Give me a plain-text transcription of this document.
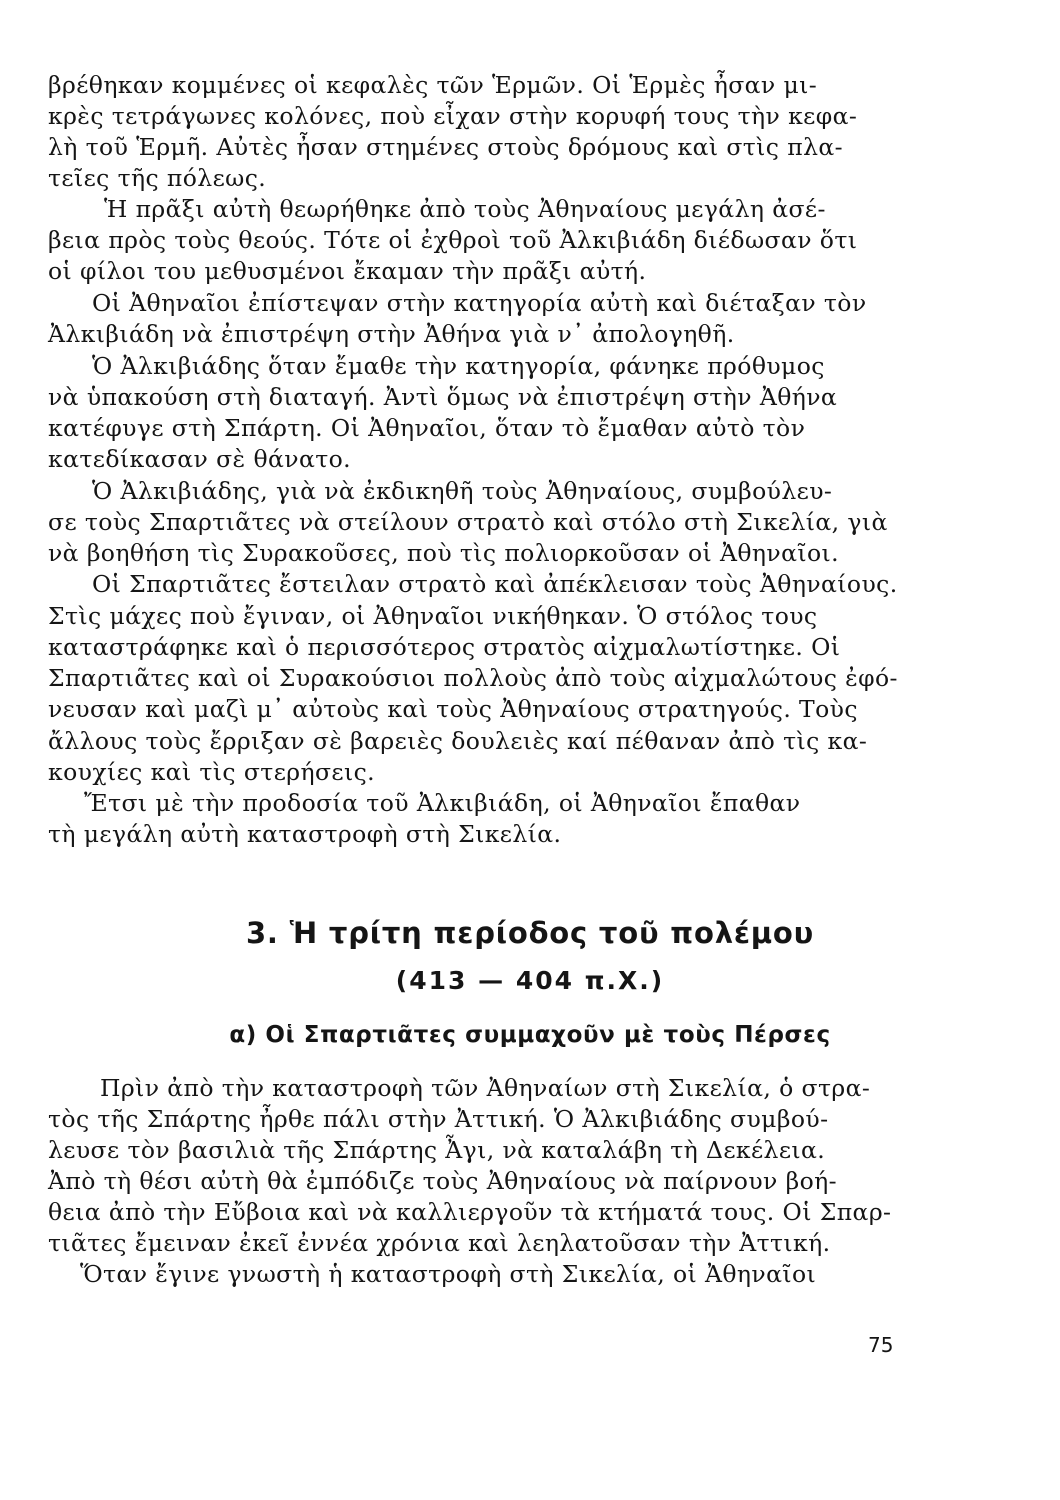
βρέθηκαν κομμένες οἱ κεφαλὲς τῶν Ἑρμῶν. Οἱ Ἑρμὲς ἦσαν μι-
κρὲς τετράγωνες κολόνες, ποὺ εἶχαν στὴν κορυφή τους τὴν κεφα-
λὴ τοῦ Ἑρμῆ. Αὐτὲς ἦσαν στημένες στοὺς δρόμους καὶ στὶς πλα-
τεῖες τῆς πόλεως.
Ἡ πρᾶξι αὐτὴ θεωρήθηκε ἀπὸ τοὺς Ἀθηναίους μεγάλη ἀσέ-
βεια πρὸς τοὺς θεούς. Τότε οἱ ἐχθροὶ τοῦ Ἀλκιβιάδη διέδωσαν ὅτι
οἱ φίλοι του μεθυσμένοι ἔκαμαν τὴν πρᾶξι αὐτή.
Οἱ Ἀθηναῖοι ἐπίστεψαν στὴν κατηγορία αὐτὴ καὶ διέταξαν τὸν
Ἀλκιβιάδη νὰ ἐπιστρέψη στὴν Ἀθήνα γιὰ ν᾿ ἀπολογηθῆ.
Ὁ Ἀλκιβιάδης ὅταν ἔμαθε τὴν κατηγορία, φάνηκε πρόθυμος
νὰ ὑπακούση στὴ διαταγή. Ἀντὶ ὅμως νὰ ἐπιστρέψη στὴν Ἀθήνα
κατέφυγε στὴ Σπάρτη. Οἱ Ἀθηναῖοι, ὅταν τὸ ἔμαθαν αὐτὸ τὸν
κατεδίκασαν σὲ θάνατο.
Ὁ Ἀλκιβιάδης, γιὰ νὰ ἐκδικηθῆ τοὺς Ἀθηναίους, συμβούλευ-
σε τοὺς Σπαρτιᾶτες νὰ στείλουν στρατὸ καὶ στόλο στὴ Σικελία, γιὰ
νὰ βοηθήση τὶς Συρακοῦσες, ποὺ τὶς πολιορκοῦσαν οἱ Ἀθηναῖοι.
Οἱ Σπαρτιᾶτες ἔστειλαν στρατὸ καὶ ἀπέκλεισαν τοὺς Ἀθηναίους.
Στὶς μάχες ποὺ ἔγιναν, οἱ Ἀθηναῖοι νικήθηκαν. Ὁ στόλος τους
καταστράφηκε καὶ ὁ περισσότερος στρατὸς αἰχμαλωτίστηκε. Οἱ
Σπαρτιᾶτες καὶ οἱ Συρακούσιοι πολλοὺς ἀπὸ τοὺς αἰχμαλώτους ἐφό-
νευσαν καὶ μαζὶ μ᾿ αὐτοὺς καὶ τοὺς Ἀθηναίους στρατηγούς. Τοὺς
ἄλλους τοὺς ἔρριξαν σὲ βαρειὲς δουλειὲς καί πέθαναν ἀπὸ τὶς κα-
κουχίες καὶ τὶς στερήσεις.
Ἔτσι μὲ τὴν προδοσία τοῦ Ἀλκιβιάδη, οἱ Ἀθηναῖοι ἔπαθαν
τὴ μεγάλη αὐτὴ καταστροφὴ στὴ Σικελία.
3. Ἡ τρίτη περίοδος τοῦ πολέμου
(413 — 404 π.Χ.)
α) Οἱ Σπαρτιᾶτες συμμαχοῦν μὲ τοὺς Πέρσες
Πρὶν ἀπὸ τὴν καταστροφὴ τῶν Ἀθηναίων στὴ Σικελία, ὁ στρα-
τὸς τῆς Σπάρτης ἦρθε πάλι στὴν Ἀττική. Ὁ Ἀλκιβιάδης συμβού-
λευσε τὸν βασιλιὰ τῆς Σπάρτης Ἆγι, νὰ καταλάβη τὴ Δεκέλεια.
Ἀπὸ τὴ θέσι αὐτὴ θὰ ἐμπόδιζε τοὺς Ἀθηναίους νὰ παίρνουν βοή-
θεια ἀπὸ τὴν Εὔβοια καὶ νὰ καλλιεργοῦν τὰ κτήματά τους. Οἱ Σπαρ-
τιᾶτες ἔμειναν ἐκεῖ ἐννέα χρόνια καὶ λεηλατοῦσαν τὴν Ἀττική.
Ὅταν ἔγινε γνωστὴ ἡ καταστροφὴ στὴ Σικελία, οἱ Ἀθηναῖοι
75
